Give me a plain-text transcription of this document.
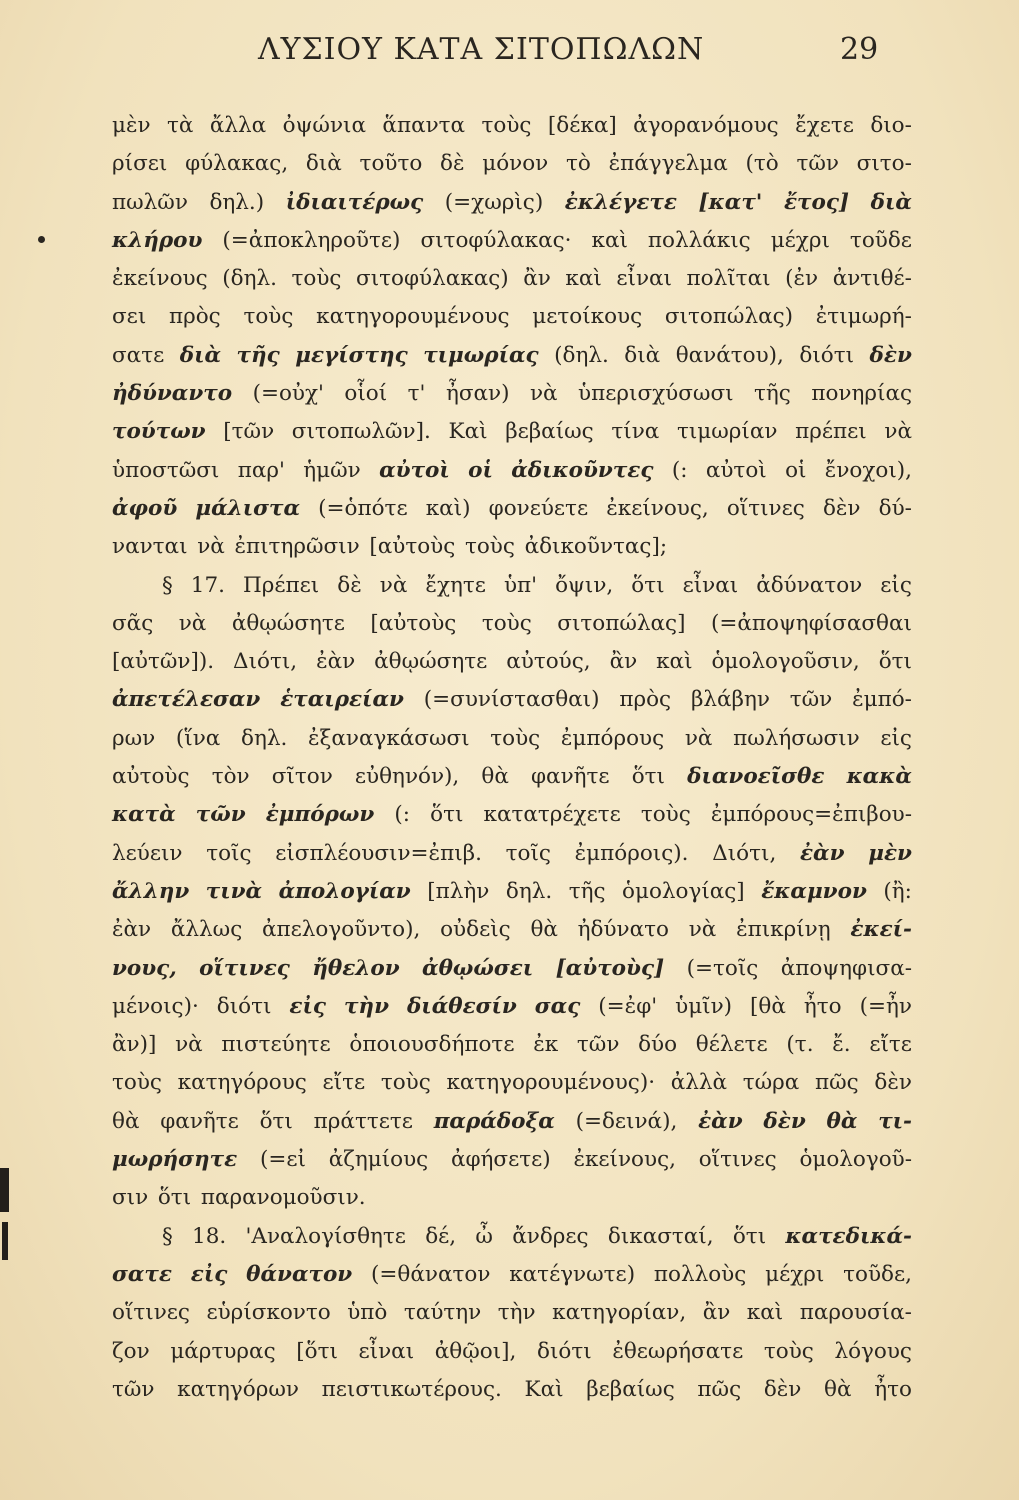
ΛΥΣΙΟΥ ΚΑΤΑ ΣΙΤΟΠΩΛΩΝ	29
μὲν τὰ ἄλλα ὀψώνια ἅπαντα τοὺς [δέκα] ἀγορανόμους ἔχετε διο-
ρίσει φύλακας, διὰ τοῦτο δὲ μόνον τὸ ἐπάγγελμα (τὸ τῶν σιτο-
πωλῶν δηλ.) ἰδιαιτέρως (=χωρὶς) ἐκλέγετε [κατ' ἔτος] διὰ
κλήρου (=ἀποκληροῦτε) σιτοφύλακας· καὶ πολλάκις μέχρι τοῦδε
ἐκείνους (δηλ. τοὺς σιτοφύλακας) ἂν καὶ εἶναι πολῖται (ἐν ἀντιθέ-
σει πρὸς τοὺς κατηγορουμένους μετοίκους σιτοπώλας) ἐτιμωρή-
σατε διὰ τῆς μεγίστης τιμωρίας (δηλ. διὰ θανάτου), διότι δὲν
ἠδύναντο (=οὐχ' οἷοί τ' ἦσαν) νὰ ὑπερισχύσωσι τῆς πονηρίας
τούτων [τῶν σιτοπωλῶν]. Καὶ βεβαίως τίνα τιμωρίαν πρέπει νὰ
ὑποστῶσι παρ' ἡμῶν αὐτοὶ οἱ ἀδικοῦντες (: αὐτοὶ οἱ ἔνοχοι),
ἀφοῦ μάλιστα (=ὁπότε καὶ) φονεύετε ἐκείνους, οἵτινες δὲν δύ-
νανται νὰ ἐπιτηρῶσιν [αὐτοὺς τοὺς ἀδικοῦντας];
§ 17. Πρέπει δὲ νὰ ἔχητε ὑπ' ὄψιν, ὅτι εἶναι ἀδύνατον εἰς
σᾶς νὰ ἀθῳώσητε [αὐτοὺς τοὺς σιτοπώλας] (=ἀποψηφίσασθαι
[αὐτῶν]). Διότι, ἐὰν ἀθῳώσητε αὐτούς, ἂν καὶ ὁμολογοῦσιν, ὅτι
ἀπετέλεσαν ἑταιρείαν (=συνίστασθαι) πρὸς βλάβην τῶν ἐμπό-
ρων (ἵνα δηλ. ἐξαναγκάσωσι τοὺς ἐμπόρους νὰ πωλήσωσιν εἰς
αὐτοὺς τὸν σῖτον εὐθηνόν), θὰ φανῆτε ὅτι διανοεῖσθε κακὰ
κατὰ τῶν ἐμπόρων (: ὅτι κατατρέχετε τοὺς ἐμπόρους=ἐπιβου-
λεύειν τοῖς εἰσπλέουσιν=ἐπιβ. τοῖς ἐμπόροις). Διότι, ἐὰν μὲν
ἄλλην τινὰ ἀπολογίαν [πλὴν δηλ. τῆς ὁμολογίας] ἔκαμνον (ἢ:
ἐὰν ἄλλως ἀπελογοῦντο), οὐδεὶς θὰ ἠδύνατο νὰ ἐπικρίνῃ ἐκεί-
νους, οἵτινες ἤθελον ἀθῳώσει [αὐτοὺς] (=τοῖς ἀποψηφισα-
μένοις)· διότι εἰς τὴν διάθεσίν σας (=ἐφ' ὑμῖν) [θὰ ἦτο (=ἦν
ἂν)] νὰ πιστεύητε ὁποιουσδήποτε ἐκ τῶν δύο θέλετε (τ. ἔ. εἴτε
τοὺς κατηγόρους εἴτε τοὺς κατηγορουμένους)· ἀλλὰ τώρα πῶς δὲν
θὰ φανῆτε ὅτι πράττετε παράδοξα (=δεινά), ἐὰν δὲν θὰ τι-
μωρήσητε (=εἰ ἀζημίους ἀφήσετε) ἐκείνους, οἵτινες ὁμολογοῦ-
σιν ὅτι παρανομοῦσιν.
§ 18. 'Αναλογίσθητε δέ, ὦ ἄνδρες δικασταί, ὅτι κατεδικά-
σατε εἰς θάνατον (=θάνατον κατέγνωτε) πολλοὺς μέχρι τοῦδε,
οἵτινες εὑρίσκοντο ὑπὸ ταύτην τὴν κατηγορίαν, ἂν καὶ παρουσία-
ζον μάρτυρας [ὅτι εἶναι ἀθῷοι], διότι ἐθεωρήσατε τοὺς λόγους
τῶν κατηγόρων πειστικωτέρους. Καὶ βεβαίως πῶς δὲν θὰ ἦτο
